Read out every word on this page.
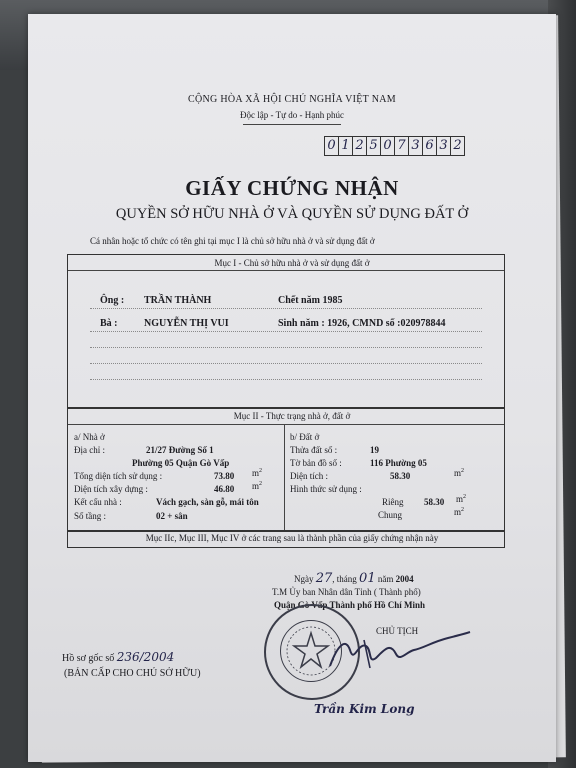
CỘNG HÒA XÃ HỘI CHỦ NGHĨA VIỆT NAM
Độc lập - Tự do - Hạnh phúc
0 1 2 5 0 7 3 6 3 2
GIẤY CHỨNG NHẬN
QUYỀN SỞ HỮU NHÀ Ở VÀ QUYỀN SỬ DỤNG ĐẤT Ở
Cá nhân hoặc tổ chức có tên ghi tại mục I là chủ sở hữu nhà ở và sử dụng đất ở
Mục I - Chủ sở hữu nhà ở và sử dụng đất ở
Ông : TRẦN THÀNH	Chết năm 1985
Bà :	NGUYỄN THỊ VUI	Sinh năm : 1926, CMND số :020978844
Mục II - Thực trạng nhà ở, đất ở
a/ Nhà ở
Địa chỉ :	21/27 Đường Số 1
Phường 05 Quận Gò Vấp
Tổng diện tích sử dụng :	73.80 $m^2$
Diện tích xây dựng :	46.80 $m^2$
Kết cấu nhà :	Vách gạch, sàn gỗ, mái tôn
Số tầng :	02 + sân
b/ Đất ở
Thửa đất số :	19
Tờ bản đồ số :	116 Phường 05
Diện tích :	58.30	$m^2$
Hình thức sử dụng :
Riêng 58.30 $m^2$
Chung	$m^2$
Mục IIc, Mục III, Mục IV ở các trang sau là thành phần của giấy chứng nhận này
Ngày 27, tháng 01 năm 2004
T.M Ủy ban Nhân dân Tỉnh ( Thành phố)
Quận Gò Vấp Thành phố Hồ Chí Minh
CHỦ TỊCH
Trần Kim Long
Hồ sơ gốc số 236/2004
(BẢN CẤP CHO CHỦ SỞ HỮU)
